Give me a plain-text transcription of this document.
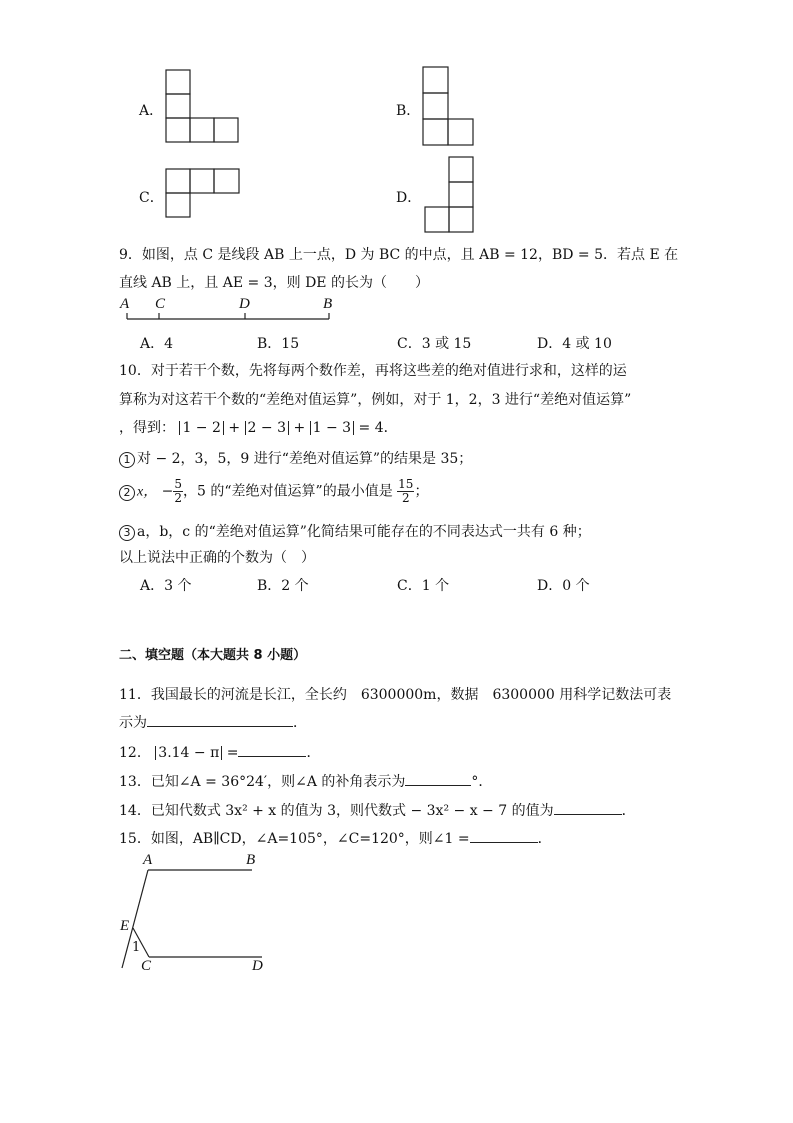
A．	B．
C．	D．
9．如图，点 C 是线段 AB 上一点，D 为 BC 的中点，且 AB = 12，BD = 5．若点 E 在
直线 AB 上，且 AE = 3，则 DE 的长为（　　）
A C	D	B
A．4	B．15	C．3 或 15	D．4 或 10
10．对于若干个数，先将每两个数作差，再将这些差的绝对值进行求和，这样的运
算称为对这若干个数的“差绝对值运算”，例如，对于 1，2，3 进行“差绝对值运算”
，得到： 1 − 2 + 2 − 3 + 1 − 3 = 4．
1 对 − 2，3，5，9 进行“差绝对值运算”的结果是 35；
2 x， − $\frac{5}{2}$ ，5 的“差绝对值运算”的最小值是 $\frac{15}{2}$ ；
3 a，b，c 的“差绝对值运算”化简结果可能存在的不同表达式一共有 6 种；
以上说法中正确的个数为（　）
A．3 个	B．2 个	C．1 个	D．0 个
二、填空题（本大题共 8 小题）
11．我国最长的河流是长江，全长约　6300000m，数据　6300000 用科学记数法可表
示为	．
12． 3.14 − π =	．
13．已知∠A = 36°24′，则∠A 的补角表示为	°．
14．已知代数式 3x² + x 的值为 3，则代数式 − 3x² − x − 7 的值为	．
15．如图，AB∥CD，∠A=105°，∠C=120°，则∠1 =	．
A	B
E
1
C	D
